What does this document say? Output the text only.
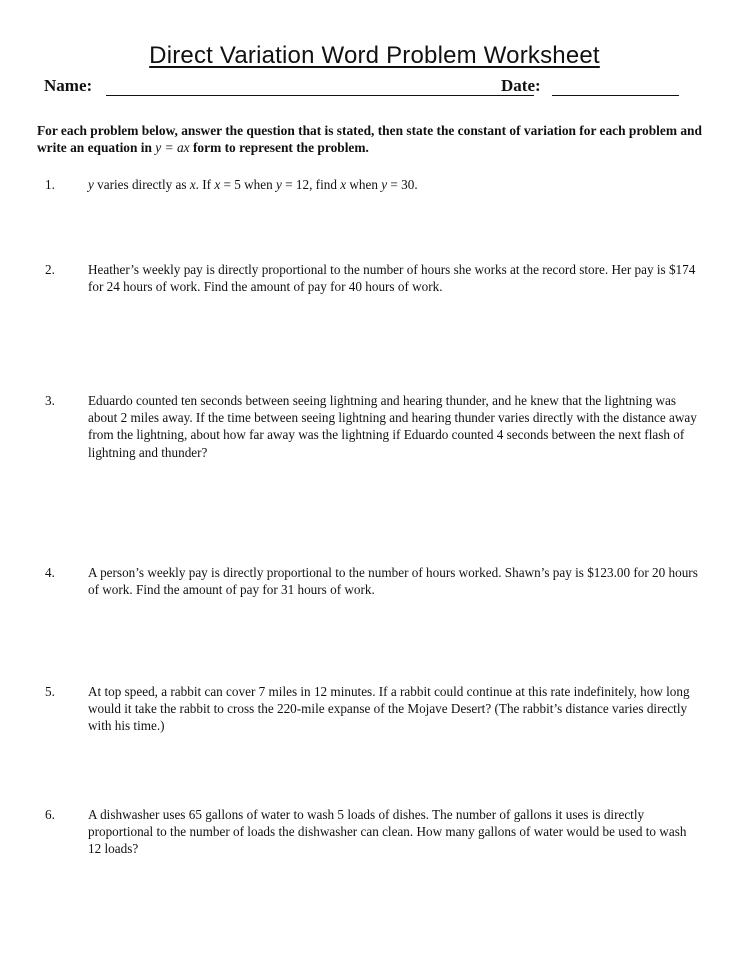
Direct Variation Word Problem Worksheet
Name:	Date:
For each problem below, answer the question that is stated, then state the constant of variation for each problem and write an equation in y = ax form to represent the problem.
1.	y varies directly as x. If x = 5 when y = 12, find x when y = 30.
2.	Heather’s weekly pay is directly proportional to the number of hours she works at the record store. Her pay is $174 for 24 hours of work. Find the amount of pay for 40 hours of work.
3.	Eduardo counted ten seconds between seeing lightning and hearing thunder, and he knew that the lightning was about 2 miles away. If the time between seeing lightning and hearing thunder varies directly with the distance away from the lightning, about how far away was the lightning if Eduardo counted 4 seconds between the next flash of lightning and thunder?
4.	A person’s weekly pay is directly proportional to the number of hours worked. Shawn’s pay is $123.00 for 20 hours of work. Find the amount of pay for 31 hours of work.
5.	At top speed, a rabbit can cover 7 miles in 12 minutes. If a rabbit could continue at this rate indefinitely, how long would it take the rabbit to cross the 220-mile expanse of the Mojave Desert? (The rabbit’s distance varies directly with his time.)
6.	A dishwasher uses 65 gallons of water to wash 5 loads of dishes. The number of gallons it uses is directly proportional to the number of loads the dishwasher can clean. How many gallons of water would be used to wash 12 loads?
